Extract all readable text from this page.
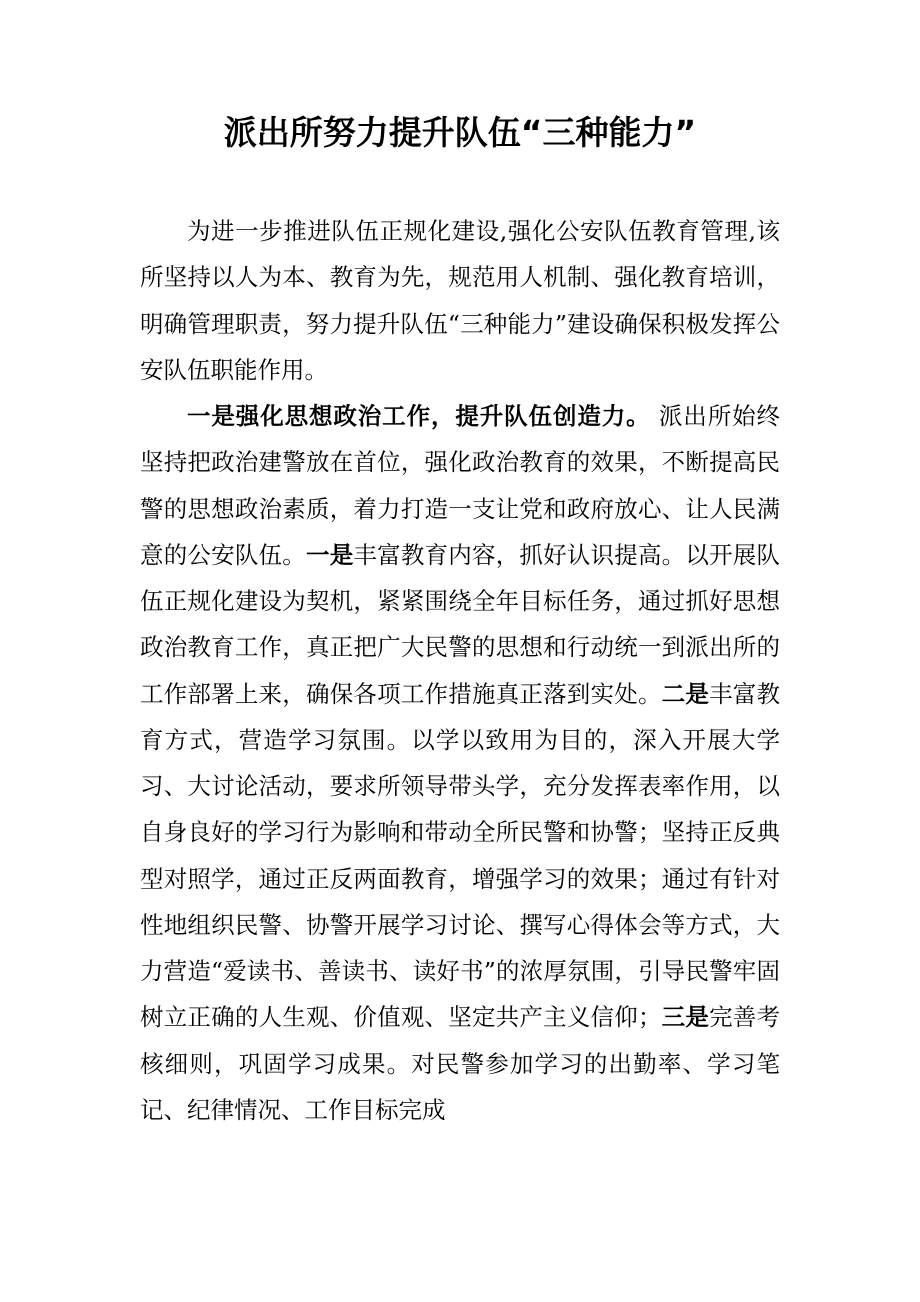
派出所努力提升队伍“三种能力”

为进一步推进队伍正规化建设,强化公安队伍教育管理,该所坚持以人为本、教育为先，规范用人机制、强化教育培训，明确管理职责，努力提升队伍“三种能力”建设确保积极发挥公安队伍职能作用。

一是强化思想政治工作，提升队伍创造力。 派出所始终坚持把政治建警放在首位，强化政治教育的效果，不断提高民警的思想政治素质，着力打造一支让党和政府放心、让人民满意的公安队伍。一是丰富教育内容，抓好认识提高。以开展队伍正规化建设为契机，紧紧围绕全年目标任务，通过抓好思想政治教育工作，真正把广大民警的思想和行动统一到派出所的工作部署上来，确保各项工作措施真正落到实处。二是丰富教育方式，营造学习氛围。以学以致用为目的，深入开展大学习、大讨论活动，要求所领导带头学，充分发挥表率作用，以自身良好的学习行为影响和带动全所民警和协警；坚持正反典型对照学，通过正反两面教育，增强学习的效果；通过有针对性地组织民警、协警开展学习讨论、撰写心得体会等方式，大力营造“爱读书、善读书、读好书”的浓厚氛围，引导民警牢固树立正确的人生观、价值观、坚定共产主义信仰；三是完善考核细则，巩固学习成果。对民警参加学习的出勤率、学习笔记、纪律情况、工作目标完成
